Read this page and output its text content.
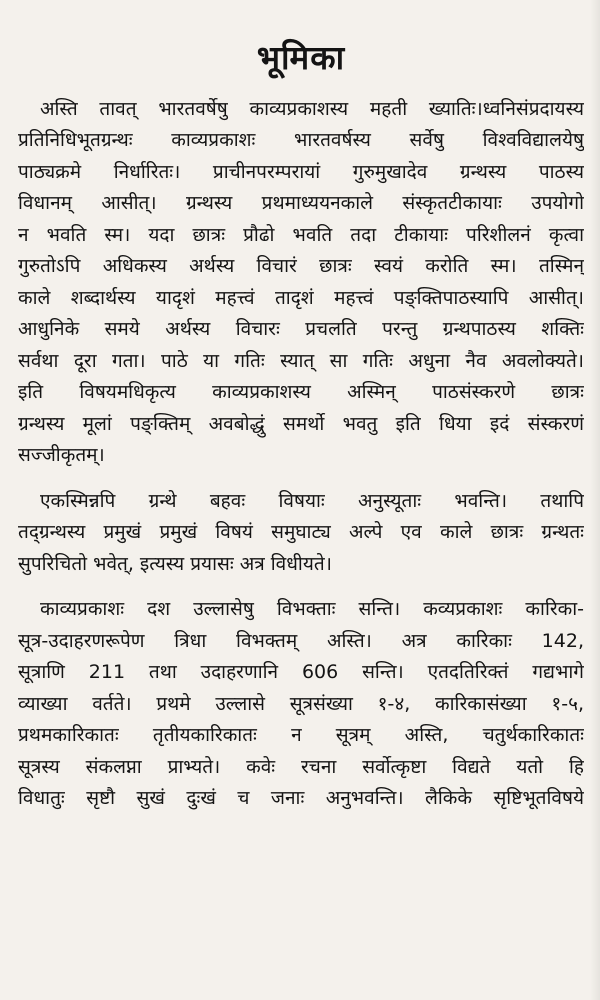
भूमिका

अस्ति तावत् भारतवर्षेषु काव्यप्रकाशस्य महती ख्यातिः।ध्वनिसंप्रदायस्य
प्रतिनिधिभूतग्रन्थः काव्यप्रकाशः भारतवर्षस्य सर्वेषु विश्वविद्यालयेषु
पाठ्यक्रमे निर्धारितः। प्राचीनपरम्परायां गुरुमुखादेव ग्रन्थस्य पाठस्य
विधानम् आसीत्। ग्रन्थस्य प्रथमाध्ययनकाले संस्कृतटीकायाः उपयोगो
न भवति स्म। यदा छात्रः प्रौढो भवति तदा टीकायाः परिशीलनं कृत्वा
गुरुतोऽपि अधिकस्य अर्थस्य विचारं छात्रः स्वयं करोति स्म। तस्मिन्
काले शब्दार्थस्य यादृशं महत्त्वं तादृशं महत्त्वं पङ्क्तिपाठस्यापि आसीत्।
आधुनिके समये अर्थस्य विचारः प्रचलति परन्तु ग्रन्थपाठस्य शक्तिः
सर्वथा दूरा गता। पाठे या गतिः स्यात् सा गतिः अधुना नैव अवलोक्यते।
इति विषयमधिकृत्य काव्यप्रकाशस्य अस्मिन् पाठसंस्करणे छात्रः
ग्रन्थस्य मूलां पङ्क्तिम् अवबोद्धुं समर्थो भवतु इति धिया इदं संस्करणं
सज्जीकृतम्।

एकस्मिन्नपि ग्रन्थे बहवः विषयाः अनुस्यूताः भवन्ति। तथापि
तद्ग्रन्थस्य प्रमुखं प्रमुखं विषयं समुघाट्य अल्पे एव काले छात्रः ग्रन्थतः
सुपरिचितो भवेत्, इत्यस्य प्रयासः अत्र विधीयते।

काव्यप्रकाशः दश उल्लासेषु विभक्ताः सन्ति। कव्यप्रकाशः कारिका-
सूत्र-उदाहरणरूपेण त्रिधा विभक्तम् अस्ति। अत्र कारिकाः 142,
सूत्राणि 211 तथा उदाहरणानि 606 सन्ति। एतदतिरिक्तं गद्यभागे
व्याख्या वर्तते। प्रथमे उल्लासे सूत्रसंख्या १-४, कारिकासंख्या १-५,
प्रथमकारिकातः तृतीयकारिकातः न सूत्रम् अस्ति, चतुर्थकारिकातः
सूत्रस्य संकलप्ना प्राभ्यते। कवेः रचना सर्वोत्कृष्टा विद्यते यतो हि
विधातुः सृष्टौ सुखं दुःखं च जनाः अनुभवन्ति। लैकिके सृष्टिभूतविषये
